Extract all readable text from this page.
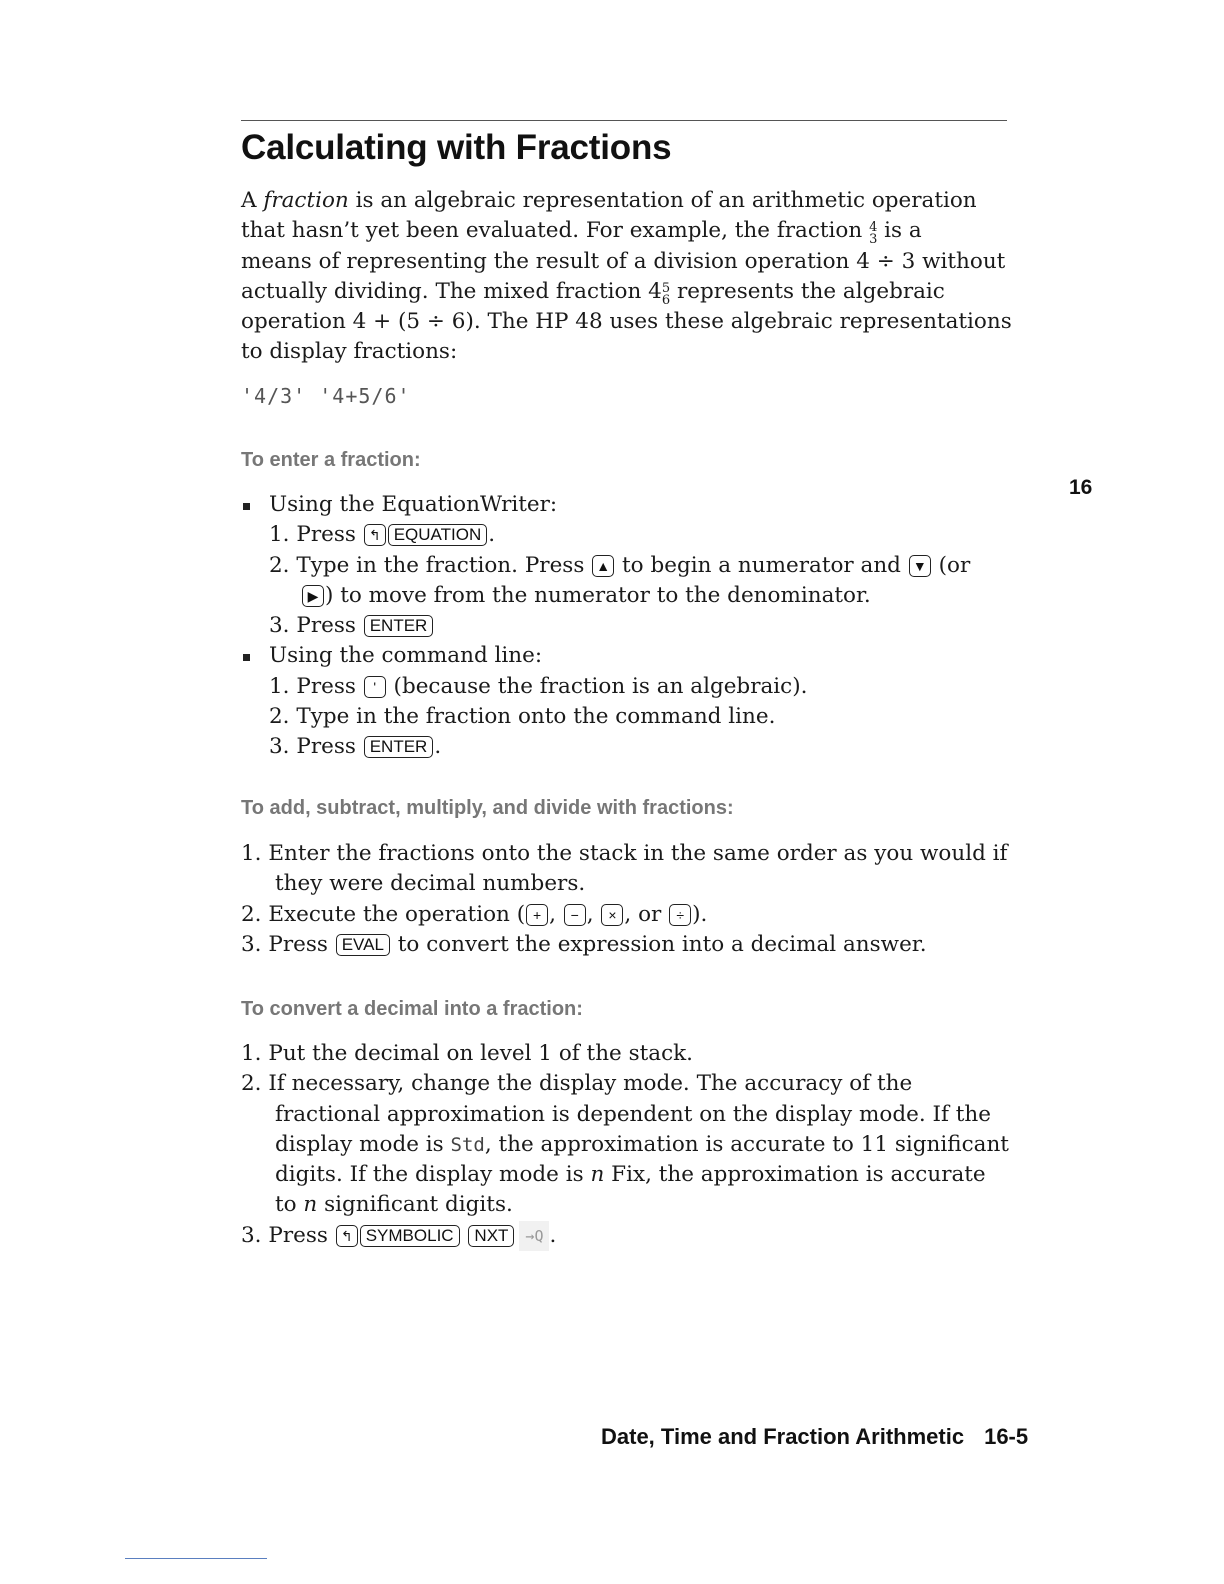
Calculating with Fractions
A fraction is an algebraic representation of an arithmetic operation
that hasn’t yet been evaluated. For example, the fraction 4
3 is a
means of representing the result of a division operation 4 ÷ 3 without
actually dividing. The mixed fraction 4 5
6 represents the algebraic
operation 4 + (5 ÷ 6). The HP 48 uses these algebraic representations
to display fractions:
'4/3' '4+5/6'
To enter a fraction:
16
Using the EquationWriter:
1. Press ↰ EQUATION .
2. Type in the fraction. Press ▲ to begin a numerator and ▼ (or
▶ ) to move from the numerator to the denominator.
3. Press ENTER
Using the command line:
1. Press ' (because the fraction is an algebraic).
2. Type in the fraction onto the command line.
3. Press ENTER .
To add, subtract, multiply, and divide with fractions:
1. Enter the fractions onto the stack in the same order as you would if
they were decimal numbers.
2. Execute the operation ( + , − , × , or ÷ ).
3. Press EVAL to convert the expression into a decimal answer.
To convert a decimal into a fraction:
1. Put the decimal on level 1 of the stack.
2. If necessary, change the display mode. The accuracy of the
fractional approximation is dependent on the display mode. If the
display mode is Std, the approximation is accurate to 11 significant
digits. If the display mode is n Fix, the approximation is accurate
to n significant digits.
3. Press ↰ SYMBOLIC NXT →Q .
Date, Time and Fraction Arithmetic 16-5
